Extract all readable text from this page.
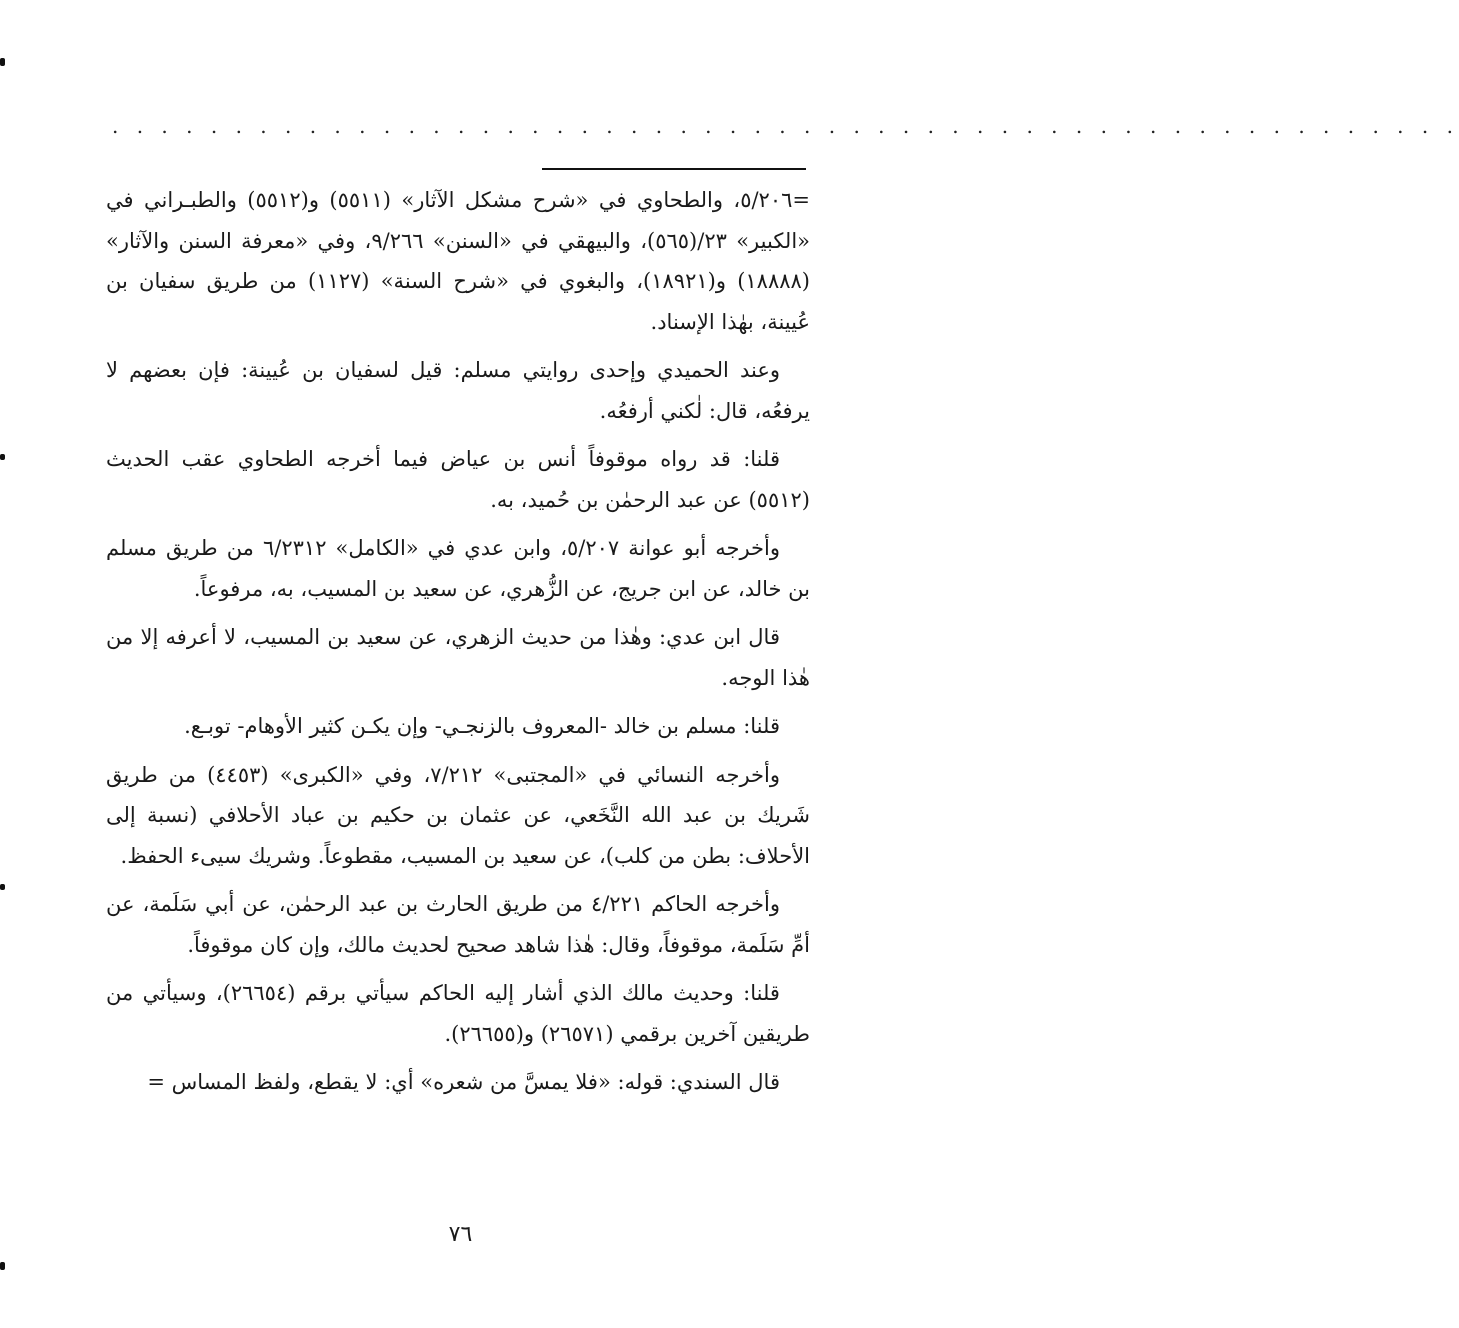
. . . . . . . . . . . . . . . . . . . . . . . . . . . . . . . . . . . . . . . . . . . . . . . . . . . . . . .

=٥/٢٠٦، والطحاوي في «شرح مشكل الآثار» (٥٥١١) و(٥٥١٢) والطبـراني في «الكبير» ٢٣/(٥٦٥)، والبيهقي في «السنن» ٩/٢٦٦، وفي «معرفة السنن والآثار» (١٨٨٨٨) و(١٨٩٢١)، والبغوي في «شرح السنة» (١١٢٧) من طريق سفيان بن عُيينة، بهٰذا الإسناد.

وعند الحميدي وإحدى روايتي مسلم: قيل لسفيان بن عُيينة: فإن بعضهم لا يرفعُه، قال: لٰكني أرفعُه.

قلنا: قد رواه موقوفاً أنس بن عياض فيما أخرجه الطحاوي عقب الحديث (٥٥١٢) عن عبد الرحمٰن بن حُميد، به.

وأخرجه أبو عوانة ٥/٢٠٧، وابن عدي في «الكامل» ٦/٢٣١٢ من طريق مسلم بن خالد، عن ابن جريج، عن الزُّهري، عن سعيد بن المسيب، به، مرفوعاً.

قال ابن عدي: وهٰذا من حديث الزهري، عن سعيد بن المسيب، لا أعرفه إلا من هٰذا الوجه.

قلنا: مسلم بن خالد -المعروف بالزنجـي- وإن يكـن كثير الأوهام- توبـع.

وأخرجه النسائي في «المجتبى» ٧/٢١٢، وفي «الكبرى» (٤٤٥٣) من طريق شَريك بن عبد الله النَّخَعي، عن عثمان بن حكيم بن عباد الأحلافي (نسبة إلى الأحلاف: بطن من كلب)، عن سعيد بن المسيب، مقطوعاً. وشريك سيىء الحفظ.

وأخرجه الحاكم ٤/٢٢١ من طريق الحارث بن عبد الرحمٰن، عن أبي سَلَمة، عن أمِّ سَلَمة، موقوفاً، وقال: هٰذا شاهد صحيح لحديث مالك، وإن كان موقوفاً.

قلنا: وحديث مالك الذي أشار إليه الحاكم سيأتي برقم (٢٦٦٥٤)، وسيأتي من طريقين آخرين برقمي (٢٦٥٧١) و(٢٦٦٥٥).

قال السندي: قوله: «فلا يمسَّ من شعره» أي: لا يقطع، ولفظ المساس =

٧٦
